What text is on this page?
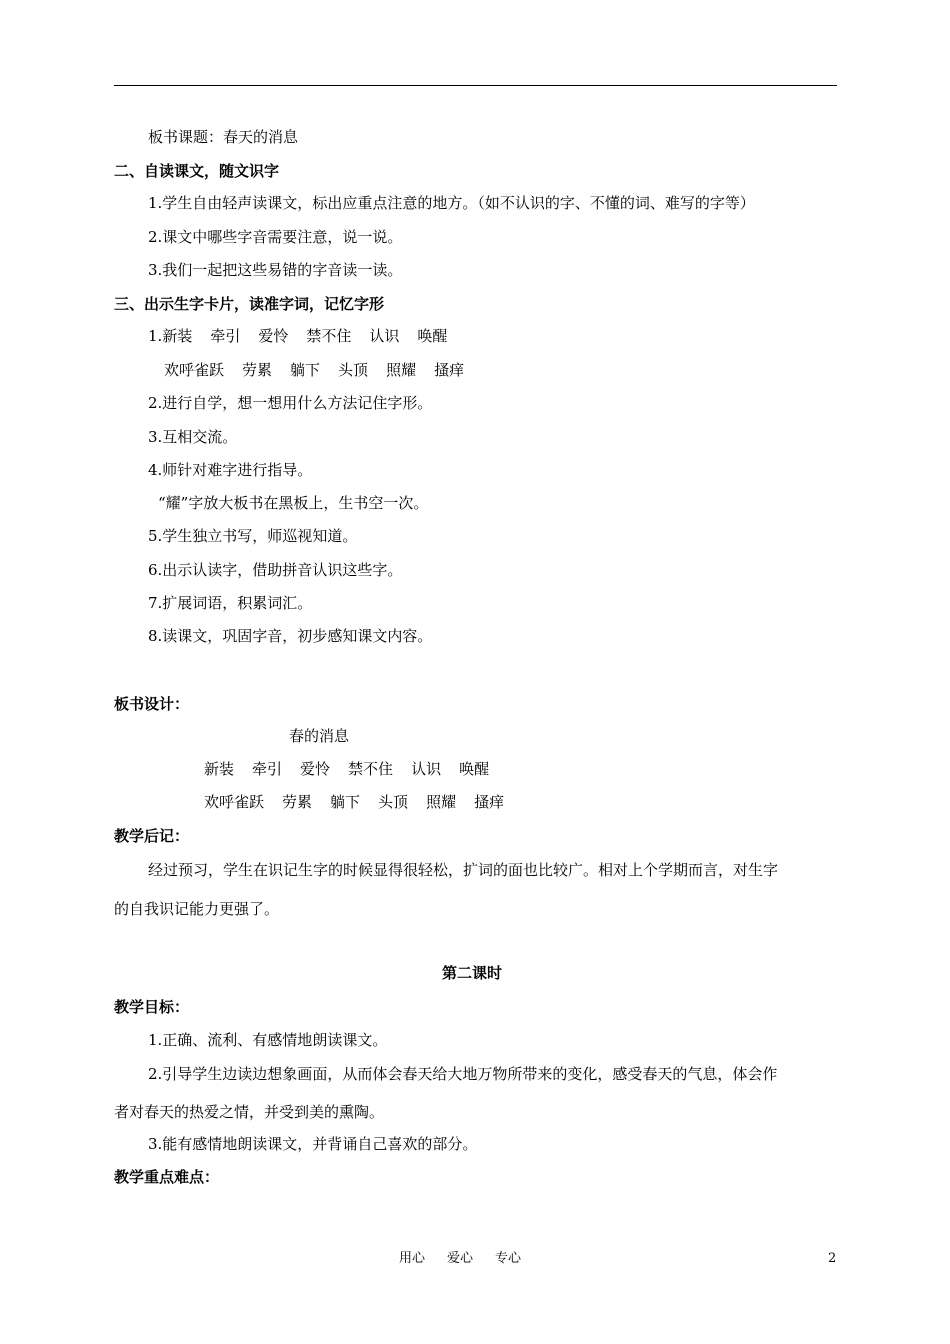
板书课题：春天的消息
二、自读课文，随文识字
1.学生自由轻声读课文，标出应重点注意的地方。（如不认识的字、不懂的词、难写的字等）
2.课文中哪些字音需要注意，说一说。
3.我们一起把这些易错的字音读一读。
三、出示生字卡片，读准字词，记忆字形
1.新装 牵引 爱怜 禁不住 认识 唤醒
欢呼雀跃 劳累 躺下 头顶 照耀 搔痒
2.进行自学，想一想用什么方法记住字形。
3.互相交流。
4.师针对难字进行指导。
“耀”字放大板书在黑板上，生书空一次。
5.学生独立书写，师巡视知道。
6.出示认读字，借助拼音认识这些字。
7.扩展词语，积累词汇。
8.读课文，巩固字音，初步感知课文内容。
板书设计：
春的消息
新装 牵引 爱怜 禁不住 认识 唤醒
欢呼雀跃 劳累 躺下 头顶 照耀 搔痒
教学后记：
经过预习，学生在识记生字的时候显得很轻松，扩词的面也比较广。相对上个学期而言，对生字
的自我识记能力更强了。
第二课时
教学目标：
1.正确、流利、有感情地朗读课文。
2.引导学生边读边想象画面，从而体会春天给大地万物所带来的变化，感受春天的气息，体会作
者对春天的热爱之情，并受到美的熏陶。
3.能有感情地朗读课文，并背诵自己喜欢的部分。
教学重点难点：
用心 爱心 专心	2
